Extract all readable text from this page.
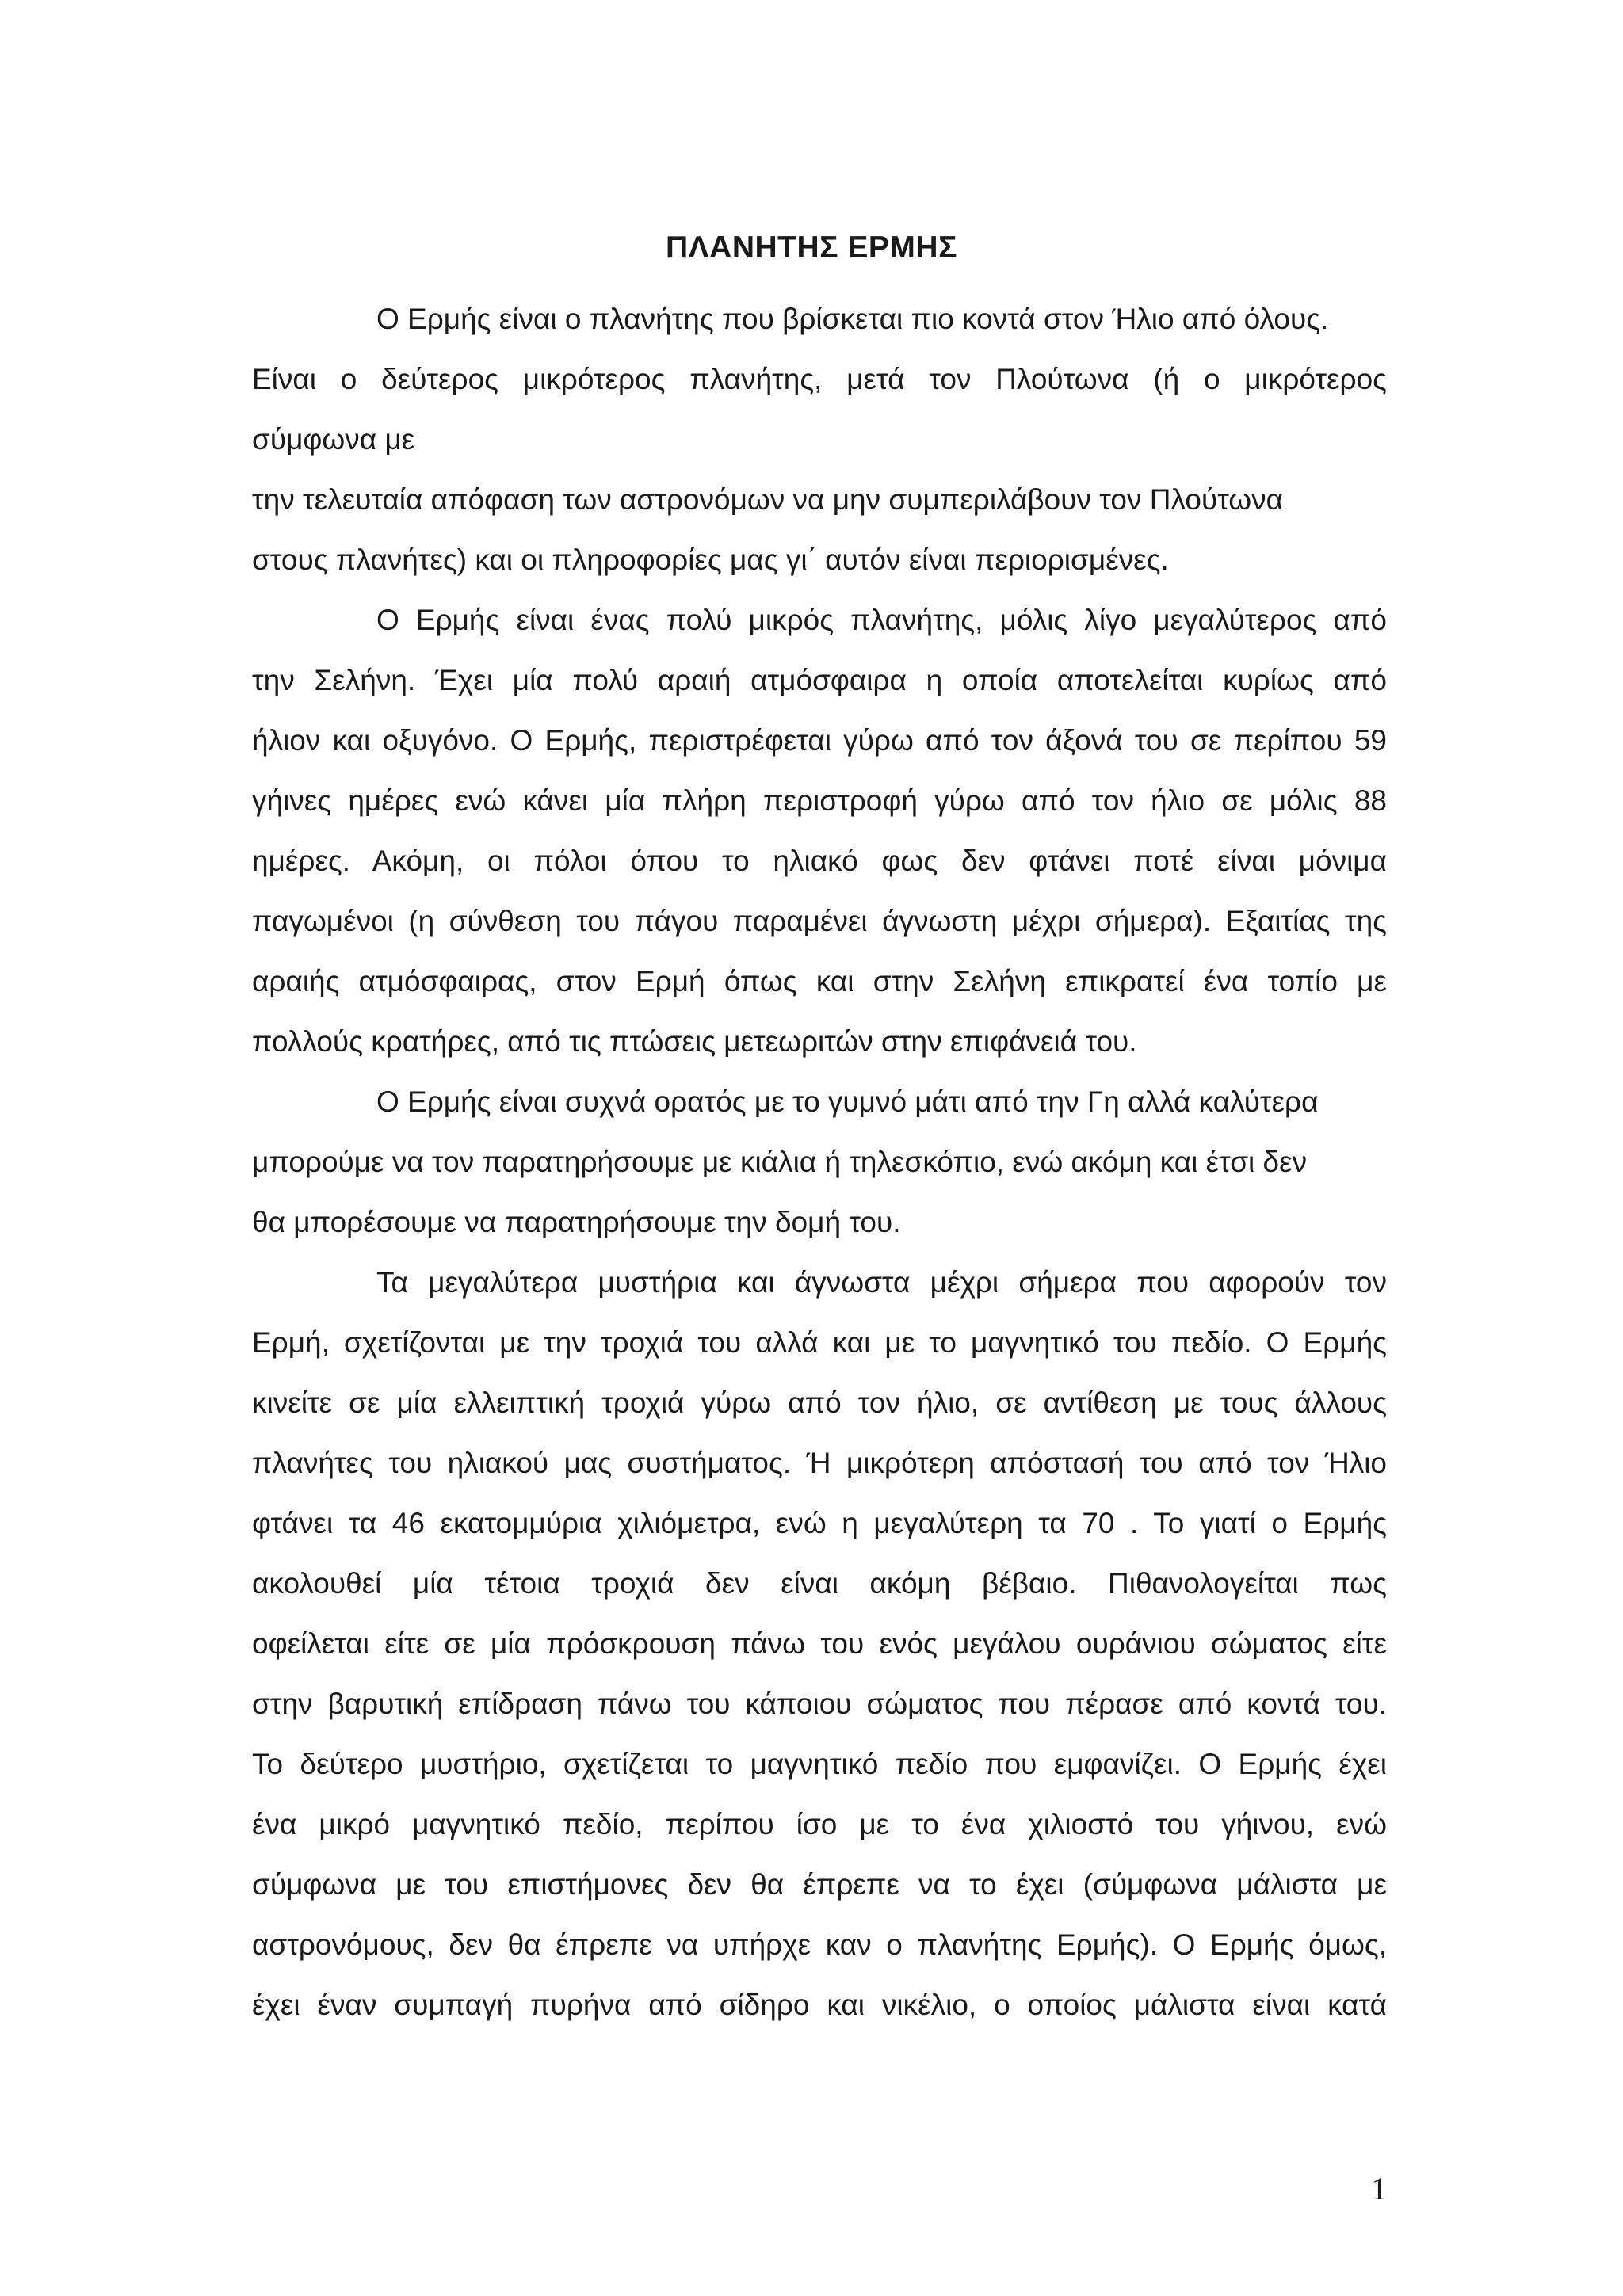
ΠΛΑΝΗΤΗΣ ΕΡΜΗΣ
Ο Ερμής είναι ο πλανήτης που βρίσκεται πιο κοντά στον Ήλιο από όλους.
Είναι ο δεύτερος μικρότερος πλανήτης, μετά τον Πλούτωνα (ή ο μικρότερος
σύμφωνα με
την τελευταία απόφαση των αστρονόμων να μην συμπεριλάβουν τον Πλούτωνα
στους πλανήτες) και οι πληροφορίες μας γι΄ αυτόν είναι περιορισμένες.
Ο Ερμής είναι ένας πολύ μικρός πλανήτης, μόλις λίγο μεγαλύτερος από
την Σελήνη. Έχει μία πολύ αραιή ατμόσφαιρα η οποία αποτελείται κυρίως από
ήλιον και οξυγόνο. Ο Ερμής, περιστρέφεται γύρω από τον άξονά του σε περίπου 59
γήινες ημέρες ενώ κάνει μία πλήρη περιστροφή γύρω από τον ήλιο σε μόλις 88
ημέρες. Ακόμη, οι πόλοι όπου το ηλιακό φως δεν φτάνει ποτέ είναι μόνιμα
παγωμένοι (η σύνθεση του πάγου παραμένει άγνωστη μέχρι σήμερα). Εξαιτίας της
αραιής ατμόσφαιρας, στον Ερμή όπως και στην Σελήνη επικρατεί ένα τοπίο με
πολλούς κρατήρες, από τις πτώσεις μετεωριτών στην επιφάνειά του.
Ο Ερμής είναι συχνά ορατός με το γυμνό μάτι από την Γη αλλά καλύτερα
μπορούμε να τον παρατηρήσουμε με κιάλια ή τηλεσκόπιο, ενώ ακόμη και έτσι δεν
θα μπορέσουμε να παρατηρήσουμε την δομή του.
Τα μεγαλύτερα μυστήρια και άγνωστα μέχρι σήμερα που αφορούν τον
Ερμή, σχετίζονται με την τροχιά του αλλά και με το μαγνητικό του πεδίο. Ο Ερμής
κινείτε σε μία ελλειπτική τροχιά γύρω από τον ήλιο, σε αντίθεση με τους άλλους
πλανήτες του ηλιακού μας συστήματος. Ή μικρότερη απόστασή του από τον Ήλιο
φτάνει τα 46 εκατομμύρια χιλιόμετρα, ενώ η μεγαλύτερη τα 70 . Το γιατί ο Ερμής
ακολουθεί μία τέτοια τροχιά δεν είναι ακόμη βέβαιο. Πιθανολογείται πως
οφείλεται είτε σε μία πρόσκρουση πάνω του ενός μεγάλου ουράνιου σώματος είτε
στην βαρυτική επίδραση πάνω του κάποιου σώματος που πέρασε από κοντά του.
Το δεύτερο μυστήριο, σχετίζεται το μαγνητικό πεδίο που εμφανίζει. Ο Ερμής έχει
ένα μικρό μαγνητικό πεδίο, περίπου ίσο με το ένα χιλιοστό του γήινου, ενώ
σύμφωνα με του επιστήμονες δεν θα έπρεπε να το έχει (σύμφωνα μάλιστα με
αστρονόμους, δεν θα έπρεπε να υπήρχε καν ο πλανήτης Ερμής). Ο Ερμής όμως,
έχει έναν συμπαγή πυρήνα από σίδηρο και νικέλιο, ο οποίος μάλιστα είναι κατά
1
